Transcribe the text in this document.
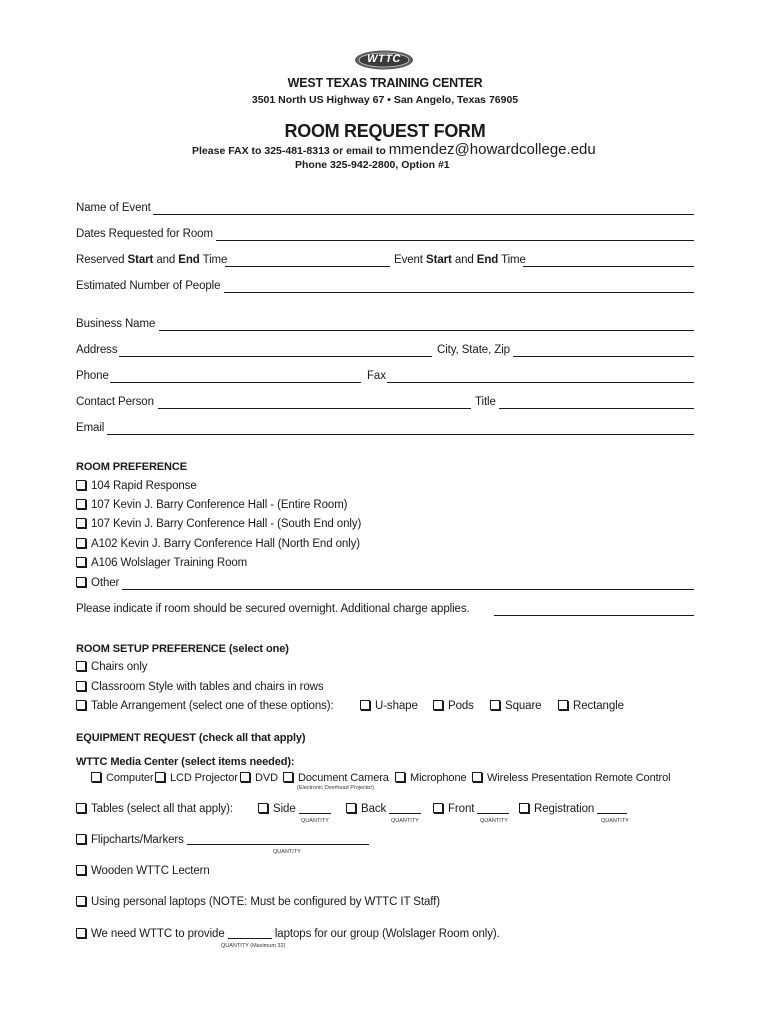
WTTC
WEST TEXAS TRAINING CENTER
3501 North US Highway 67 • San Angelo, Texas 76905
ROOM REQUEST FORM
Please FAX to 325-481-8313 or email to mmendez@howardcollege.edu
Phone 325-942-2800, Option #1
Name of Event
Dates Requested for Room
Reserved Start and End Time	Event Start and End Time
Estimated Number of People
Business Name
Address	City, State, Zip
Phone	Fax
Contact Person	Title
Email
ROOM PREFERENCE
104 Rapid Response
107 Kevin J. Barry Conference Hall - (Entire Room)
107 Kevin J. Barry Conference Hall - (South End only)
A102 Kevin J. Barry Conference Hall (North End only)
A106 Wolslager Training Room
Other
Please indicate if room should be secured overnight. Additional charge applies.
ROOM SETUP PREFERENCE (select one)
Chairs only
Classroom Style with tables and chairs in rows
Table Arrangement (select one of these options):	U-shape	Pods	Square	Rectangle
EQUIPMENT REQUEST (check all that apply)
WTTC Media Center (select items needed):
Computer	LCD Projector	DVD	Document Camera
(Electronic Overhead Projector)
Microphone	Wireless Presentation Remote Control
Tables (select all that apply):	Side
QUANTITY
Back
QUANTITY
Front
QUANTITY
Registration
QUANTITY
Flipcharts/Markers
QUANTITY
Wooden WTTC Lectern
Using personal laptops (NOTE: Must be configured by WTTC IT Staff)
We need WTTC to provide	laptops for our group (Wolslager Room only).
QUANTITY (Maximum 32)
